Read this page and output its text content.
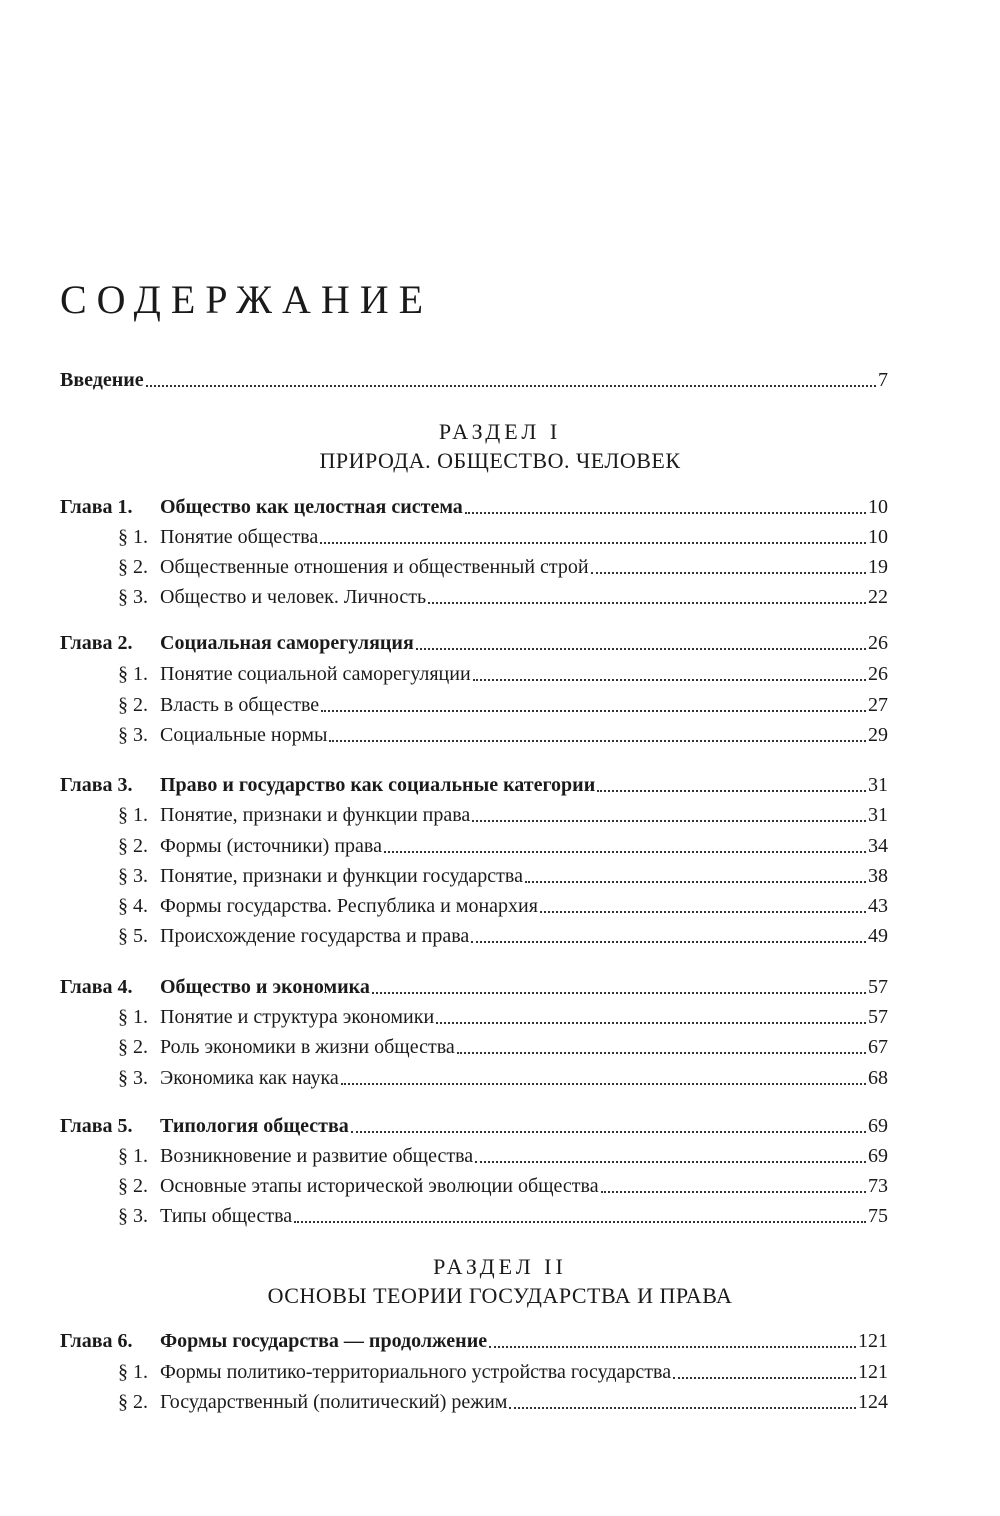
СОДЕРЖАНИЕ
Введение	7
РАЗДЕЛ I
ПРИРОДА. ОБЩЕСТВО. ЧЕЛОВЕК
Глава 1.	Общество как целостная система	10
§ 1. Понятие общества	10
§ 2. Общественные отношения и общественный строй	19
§ 3. Общество и человек. Личность	22
Глава 2.	Социальная саморегуляция	26
§ 1. Понятие социальной саморегуляции	26
§ 2. Власть в обществе	27
§ 3. Социальные нормы	29
Глава 3.	Право и государство как социальные категории	31
§ 1. Понятие, признаки и функции права	31
§ 2. Формы (источники) права	34
§ 3. Понятие, признаки и функции государства	38
§ 4. Формы государства. Республика и монархия	43
§ 5. Происхождение государства и права	49
Глава 4.	Общество и экономика	57
§ 1. Понятие и структура экономики	57
§ 2. Роль экономики в жизни общества	67
§ 3. Экономика как наука	68
Глава 5.	Типология общества	69
§ 1. Возникновение и развитие общества	69
§ 2. Основные этапы исторической эволюции общества	73
§ 3. Типы общества	75
РАЗДЕЛ II
ОСНОВЫ ТЕОРИИ ГОСУДАРСТВА И ПРАВА
Глава 6.	Формы государства — продолжение	121
§ 1. Формы политико-территориального устройства государства	121
§ 2. Государственный (политический) режим	124
